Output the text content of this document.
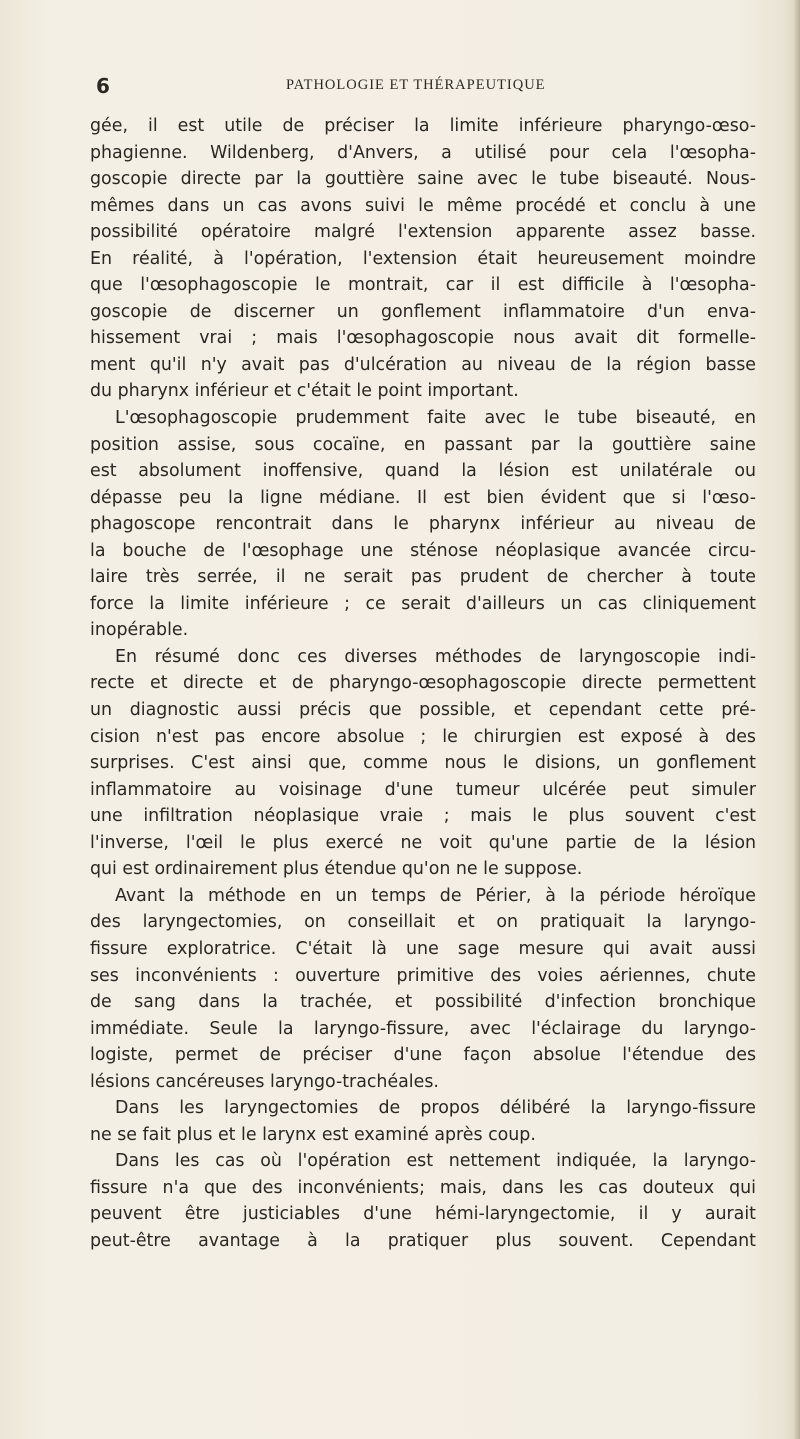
6	PATHOLOGIE ET THÉRAPEUTIQUE
gée, il est utile de préciser la limite inférieure pharyngo-œso-
phagienne. Wildenberg, d'Anvers, a utilisé pour cela l'œsopha-
goscopie directe par la gouttière saine avec le tube biseauté. Nous-
mêmes dans un cas avons suivi le même procédé et conclu à une
possibilité opératoire malgré l'extension apparente assez basse.
En réalité, à l'opération, l'extension était heureusement moindre
que l'œsophagoscopie le montrait, car il est difficile à l'œsopha-
goscopie de discerner un gonflement inflammatoire d'un enva-
hissement vrai ; mais l'œsophagoscopie nous avait dit formelle-
ment qu'il n'y avait pas d'ulcération au niveau de la région basse
du pharynx inférieur et c'était le point important.
L'œsophagoscopie prudemment faite avec le tube biseauté, en
position assise, sous cocaïne, en passant par la gouttière saine
est absolument inoffensive, quand la lésion est unilatérale ou
dépasse peu la ligne médiane. Il est bien évident que si l'œso-
phagoscope rencontrait dans le pharynx inférieur au niveau de
la bouche de l'œsophage une sténose néoplasique avancée circu-
laire très serrée, il ne serait pas prudent de chercher à toute
force la limite inférieure ; ce serait d'ailleurs un cas cliniquement
inopérable.
En résumé donc ces diverses méthodes de laryngoscopie indi-
recte et directe et de pharyngo-œsophagoscopie directe permettent
un diagnostic aussi précis que possible, et cependant cette pré-
cision n'est pas encore absolue ; le chirurgien est exposé à des
surprises. C'est ainsi que, comme nous le disions, un gonflement
inflammatoire au voisinage d'une tumeur ulcérée peut simuler
une infiltration néoplasique vraie ; mais le plus souvent c'est
l'inverse, l'œil le plus exercé ne voit qu'une partie de la lésion
qui est ordinairement plus étendue qu'on ne le suppose.
Avant la méthode en un temps de Périer, à la période héroïque
des laryngectomies, on conseillait et on pratiquait la laryngo-
fissure exploratrice. C'était là une sage mesure qui avait aussi
ses inconvénients : ouverture primitive des voies aériennes, chute
de sang dans la trachée, et possibilité d'infection bronchique
immédiate. Seule la laryngo-fissure, avec l'éclairage du laryngo-
logiste, permet de préciser d'une façon absolue l'étendue des
lésions cancéreuses laryngo-trachéales.
Dans les laryngectomies de propos délibéré la laryngo-fissure
ne se fait plus et le larynx est examiné après coup.
Dans les cas où l'opération est nettement indiquée, la laryngo-
fissure n'a que des inconvénients; mais, dans les cas douteux qui
peuvent être justiciables d'une hémi-laryngectomie, il y aurait
peut-être avantage à la pratiquer plus souvent. Cependant
